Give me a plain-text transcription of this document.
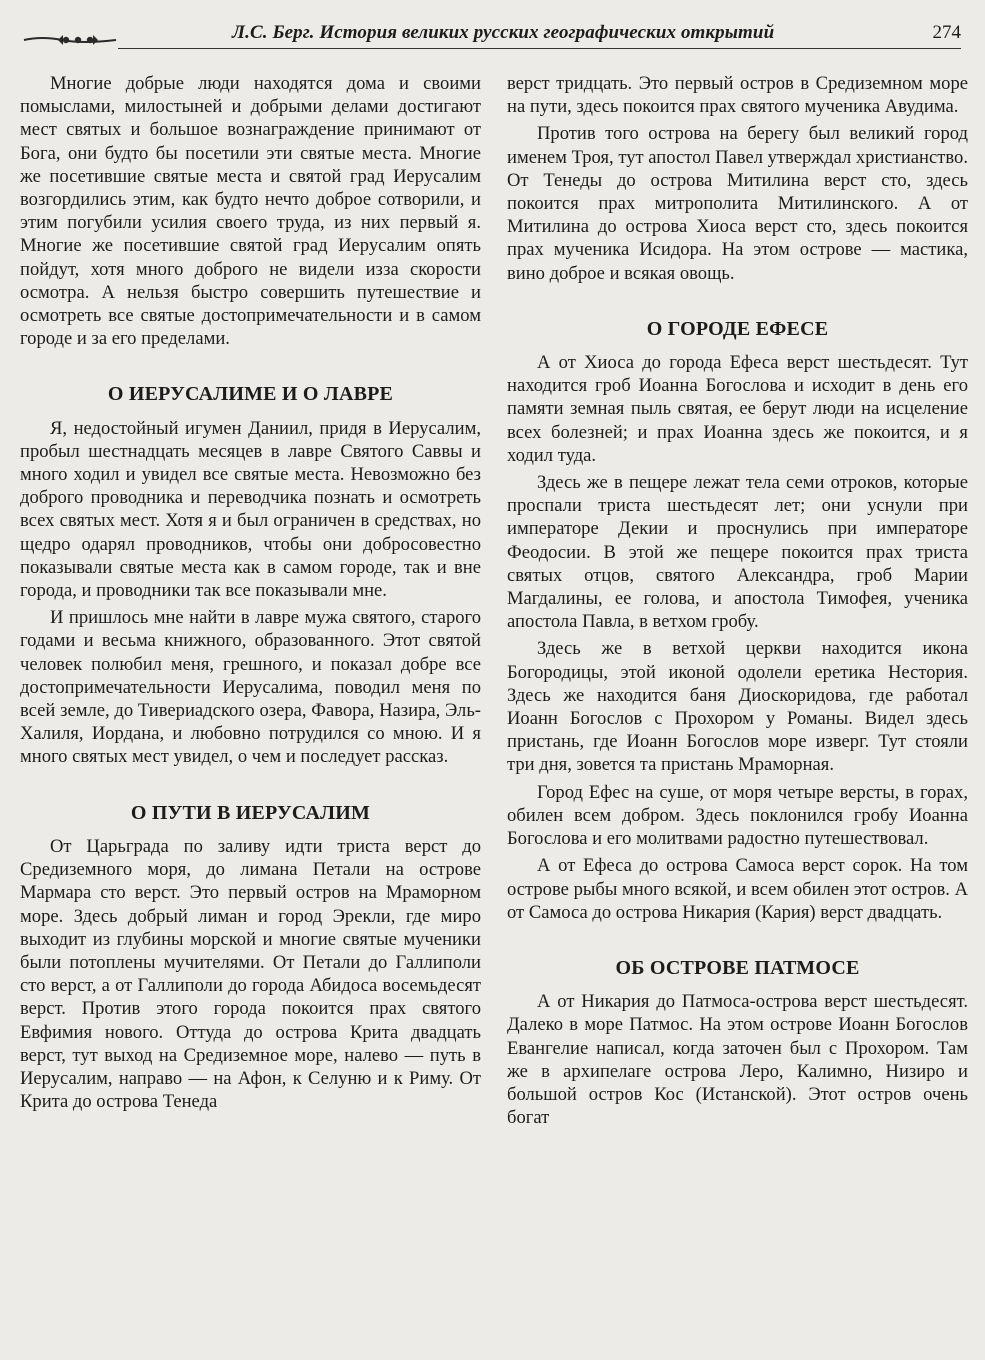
Л.С. Берг. История великих русских географических открытий	274

Многие добрые люди находятся дома и своими помыслами, милостыней и добрыми делами достигают мест святых и большое вознаграждение принимают от Бога, они будто бы посетили эти святые места. Многие же посетившие святые места и святой град Иерусалим возгордились этим, как будто нечто доброе сотворили, и этим погубили усилия своего труда, из них первый я. Многие же посетившие святой град Иерусалим опять пойдут, хотя много доброго не видели изза скорости осмотра. А нельзя быстро совершить путешествие и осмотреть все святые достопримечательности и в самом городе и за его пределами.

О ИЕРУСАЛИМЕ И О ЛАВРЕ

Я, недостойный игумен Даниил, придя в Иерусалим, пробыл шестнадцать месяцев в лавре Святого Саввы и много ходил и увидел все святые места. Невозможно без доброго проводника и переводчика познать и осмотреть всех святых мест. Хотя я и был ограничен в средствах, но щедро одарял проводников, чтобы они добросовестно показывали святые места как в самом городе, так и вне города, и проводники так все показывали мне.

И пришлось мне найти в лавре мужа святого, старого годами и весьма книжного, образованного. Этот святой человек полюбил меня, грешного, и показал добре все достопримечательности Иерусалима, поводил меня по всей земле, до Тивериадского озера, Фавора, Назира, Эль-Халиля, Иордана, и любовно потрудился со мною. И я много святых мест увидел, о чем и последует рассказ.

О ПУТИ В ИЕРУСАЛИМ

От Царьграда по заливу идти триста верст до Средиземного моря, до лимана Петали на острове Мармара сто верст. Это первый остров на Мраморном море. Здесь добрый лиман и город Эрекли, где миро выходит из глубины морской и многие святые мученики были потоплены мучителями. От Петали до Галлиполи сто верст, а от Галлиполи до города Абидоса восемьдесят верст. Против этого города покоится прах святого Евфимия нового. Оттуда до острова Крита двадцать верст, тут выход на Средиземное море, налево — путь в Иерусалим, направо — на Афон, к Селуню и к Риму. От Крита до острова Тенеда

верст тридцать. Это первый остров в Средиземном море на пути, здесь покоится прах святого мученика Авудима.

Против того острова на берегу был великий город именем Троя, тут апостол Павел утверждал христианство. От Тенеды до острова Митилина верст сто, здесь покоится прах митрополита Митилинского. А от Митилина до острова Хиоса верст сто, здесь покоится прах мученика Исидора. На этом острове — мастика, вино доброе и всякая овощь.

О ГОРОДЕ ЕФЕСЕ

А от Хиоса до города Ефеса верст шестьдесят. Тут находится гроб Иоанна Богослова и исходит в день его памяти земная пыль святая, ее берут люди на исцеление всех болезней; и прах Иоанна здесь же покоится, и я ходил туда.

Здесь же в пещере лежат тела семи отроков, которые проспали триста шестьдесят лет; они уснули при императоре Декии и проснулись при императоре Феодосии. В этой же пещере покоится прах триста святых отцов, святого Александра, гроб Марии Магдалины, ее голова, и апостола Тимофея, ученика апостола Павла, в ветхом гробу.

Здесь же в ветхой церкви находится икона Богородицы, этой иконой одолели еретика Нестория. Здесь же находится баня Диоскоридова, где работал Иоанн Богослов с Прохором у Романы. Видел здесь пристань, где Иоанн Богослов море изверг. Тут стояли три дня, зовется та пристань Мраморная.

Город Ефес на суше, от моря четыре версты, в горах, обилен всем добром. Здесь поклонился гробу Иоанна Богослова и его молитвами радостно путешествовал.

А от Ефеса до острова Самоса верст сорок. На том острове рыбы много всякой, и всем обилен этот остров. А от Самоса до острова Никария (Кария) верст двадцать.

ОБ ОСТРОВЕ ПАТМОСЕ

А от Никария до Патмоса-острова верст шестьдесят. Далеко в море Патмос. На этом острове Иоанн Богослов Евангелие написал, когда заточен был с Прохором. Там же в архипелаге острова Леро, Калимно, Низиро и большой остров Кос (Истанской). Этот остров очень богат
